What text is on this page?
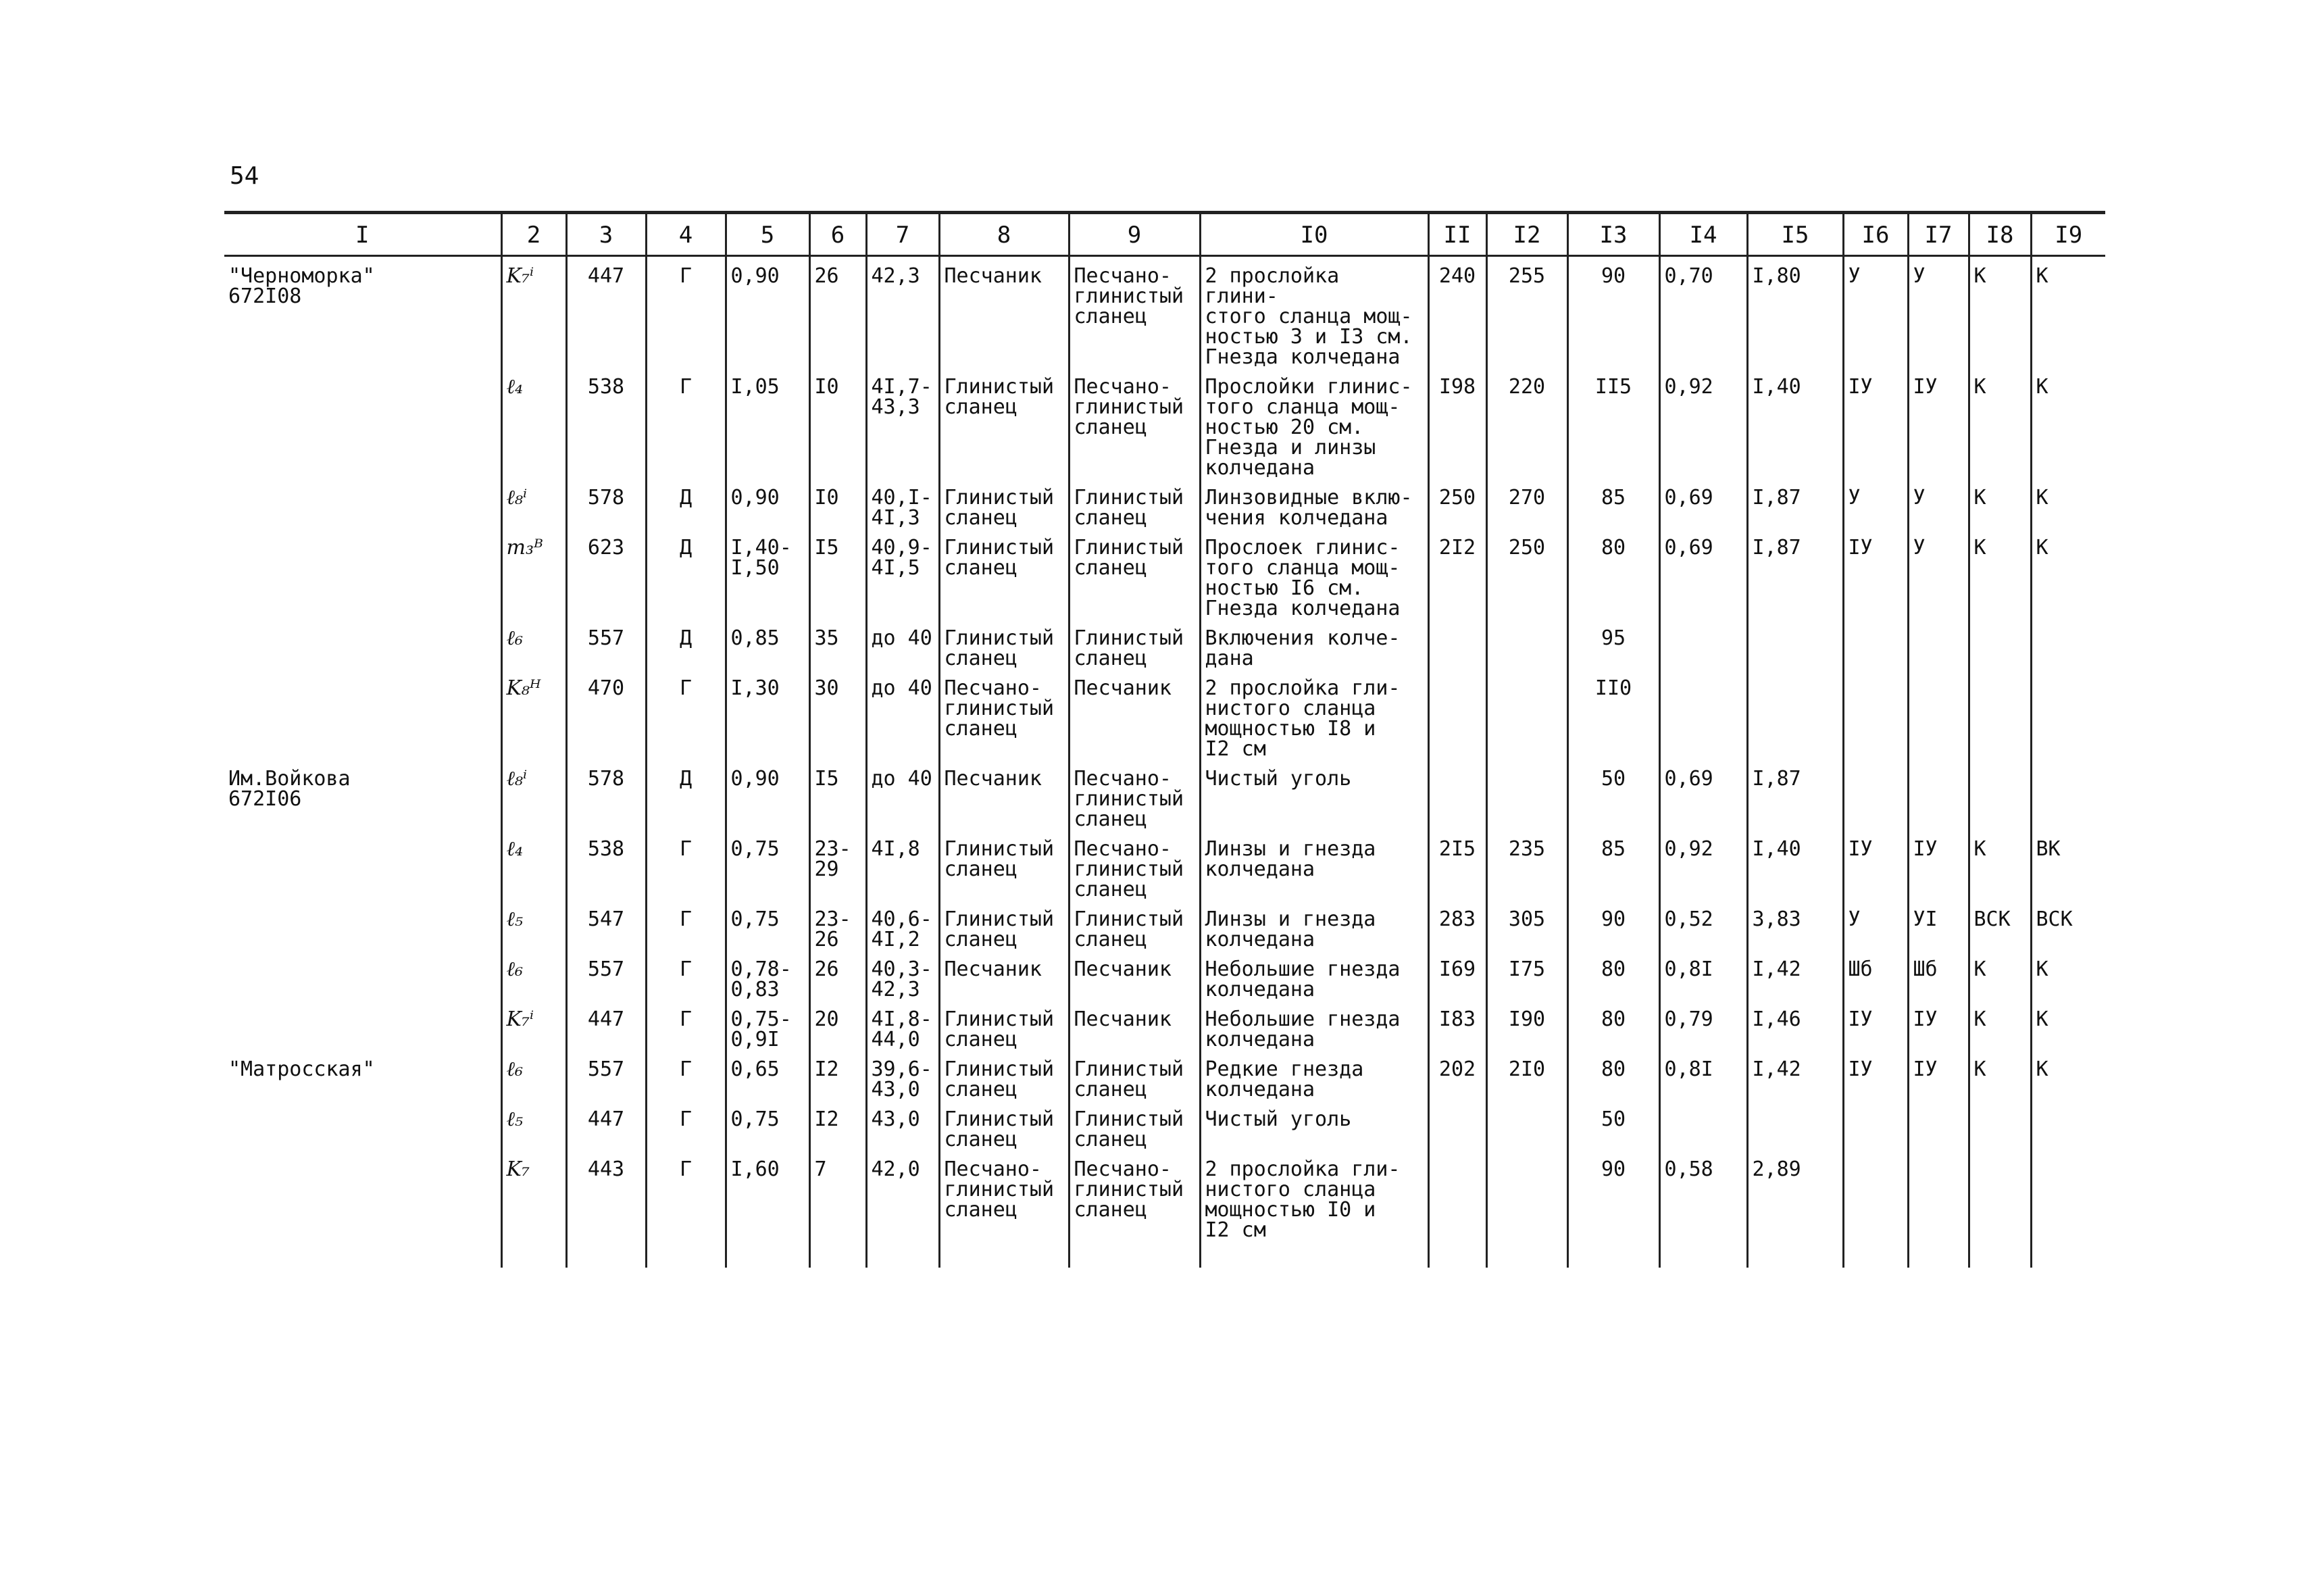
54
I	2	3	4	5	6	7	8	9	I0	II	I2	I3	I4	I5	I6	I7	I8	I9
"Черноморка"
672I08	K₇ⁱ	447	Г	0,90	26	42,3	Песчаник	Песчано-
глинистый
сланец	2 прослойка глини-
стого сланца мощ-
ностью 3 и I3 см.
Гнезда колчедана	240	255	90	0,70	I,80	У	У	К	К
	ℓ₄	538	Г	I,05	I0	4I,7-
43,3	Глинистый
сланец	Песчано-
глинистый
сланец	Прослойки глинис-
того сланца мощ-
ностью 20 см.
Гнезда и линзы
колчедана	I98	220	II5	0,92	I,40	IУ	IУ	К	К
	ℓ₈ⁱ	578	Д	0,90	I0	40,I-
4I,3	Глинистый
сланец	Глинистый
сланец	Линзовидные вклю-
чения колчедана	250	270	85	0,69	I,87	У	У	К	К
	m₃ᴮ	623	Д	I,40-
I,50	I5	40,9-
4I,5	Глинистый
сланец	Глинистый
сланец	Прослоек глинис-
того сланца мощ-
ностью I6 см.
Гнезда колчедана	2I2	250	80	0,69	I,87	IУ	У	К	К
	ℓ₆	557	Д	0,85	35	до 40	Глинистый
сланец	Глинистый
сланец	Включения колче-
дана			95						
	K₈ᴴ	470	Г	I,30	30	до 40	Песчано-
глинистый
сланец	Песчаник	2 прослойка гли-
нистого сланца
мощностью I8 и
I2 см			II0						
Им.Войкова
672I06	ℓ₈ⁱ	578	Д	0,90	I5	до 40	Песчаник	Песчано-
глинистый
сланец	Чистый уголь			50	0,69	I,87				
	ℓ₄	538	Г	0,75	23-
29	4I,8	Глинистый
сланец	Песчано-
глинистый
сланец	Линзы и гнезда
колчедана	2I5	235	85	0,92	I,40	IУ	IУ	К	ВК
	ℓ₅	547	Г	0,75	23-
26	40,6-
4I,2	Глинистый
сланец	Глинистый
сланец	Линзы и гнезда
колчедана	283	305	90	0,52	3,83	У	УI	ВСК	ВСК
	ℓ₆	557	Г	0,78-
0,83	26	40,3-
42,3	Песчаник	Песчаник	Небольшие гнезда
колчедана	I69	I75	80	0,8I	I,42	Шб	Шб	К	К
	K₇ⁱ	447	Г	0,75-
0,9I	20	4I,8-
44,0	Глинистый
сланец	Песчаник	Небольшие гнезда
колчедана	I83	I90	80	0,79	I,46	IУ	IУ	К	К
"Матросская"	ℓ₆	557	Г	0,65	I2	39,6-
43,0	Глинистый
сланец	Глинистый
сланец	Редкие гнезда
колчедана	202	2I0	80	0,8I	I,42	IУ	IУ	К	К
	ℓ₅	447	Г	0,75	I2	43,0	Глинистый
сланец	Глинистый
сланец	Чистый уголь			50						
	K₇	443	Г	I,60	7	42,0	Песчано-
глинистый
сланец	Песчано-
глинистый
сланец	2 прослойка гли-
нистого сланца
мощностью I0 и
I2 см			90	0,58	2,89				
